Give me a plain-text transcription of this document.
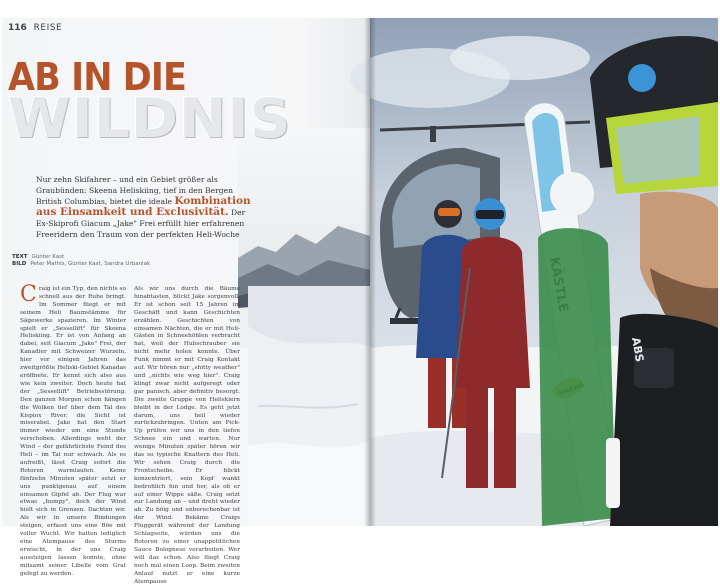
116 REISE
AB IN DIE
WILDNIS
Nur zehn Skifahrer – und ein Gebiet größer als Graubünden: Skeena Heliskiing, tief in den Bergen British Columbias, bietet die ideale Kombination aus Einsamkeit und Exclusivität. Der Ex-Skiprofi Giacum „Jake" Frei erfüllt hier erfahrenen Freeridern den Traum von der perfekten Heli-Woche
TEXT Günter Kast
BILD Peter Mathis, Günter Kast, Sandra Urbaniak
Craig ist ein Typ, den nichts so schnell aus der Ruhe bringt. Im Sommer fliegt er mit seinem Heli Baumstämme für Sägewerke spazieren. Im Winter spielt er „Sessellift" für Skeena Heliskiing. Er ist von Anfang an dabei, seit Giacum „Jake" Frei, der Kanadier mit Schweizer Wurzeln, hier vor einigen Jahren das zweitgrößte Heliski-Gebiet Kanadas eröffnete. Er kennt sich also aus wie kein zweiter. Doch heute hat der „Sessellift" Betriebsstörung. Den ganzen Morgen schon hängen die Wolken tief über dem Tal des Kispiox River, die Sicht ist miserabel. Jake hat den Start immer wieder um eine Stunde verschoben. Allerdings weht der Wind – der gefährlichste Feind des Heli – im Tal nur schwach. Als es aufreißt, lässt Craig sofort die Rotoren warmlaufen. Keine fünfzehn Minuten später setzt er uns punktgenau auf einem einsamen Gipfel ab. Der Flug war etwas „bumpy", doch der Wind hielt sich in Grenzen. Dachten wir. Als wir in unsere Bindungen steigen, erfasst uns eine Böe mit voller Wucht. Wir hatten lediglich eine Atempause des Sturms erwischt, in der uns Craig aussteigen lassen konnte, ohne mitsamt seiner Libelle vom Grat gefegt zu werden.
Als wir uns durch die Bäume hinabtasten, blickt Jake sorgenvoll. Er ist schon seit 15 Jahren im Geschäft und kann Geschichten erzählen. Geschichten von einsamen Nächten, die er mit Heli-Gästen in Schneehöhlen verbracht hat, weil der Hubschrauber sie nicht mehr holen konnte. Über Funk nimmt er mit Craig Kontakt auf. Wir hören nur „shitty weather" und „nichts wie weg hier". Craig klingt zwar nicht aufgeregt oder gar panisch, aber definitiv besorgt. Die zweite Gruppe von Heliskiern bleibt in der Lodge. Es geht jetzt darum, uns heil wieder zurückzubringen. Unten am Pick-Up prüfen wir uns in den tiefen Schnee ein und warten. Nur wenige Minuten später hören wir das so typische Knattern des Heli. Wir sehen Craig durch die Frontscheibe. Er blickt konzentriert, sein Kopf wankt bedrohlich hin und her, als ob er auf einer Wippe säße. Craig setzt zur Landung an – und dreht wieder ab. Zu böig und unberechenbar ist der Wind. Bekäme Craigs Fluggerät während der Landung Schlagseite, würden uns die Rotoren zu einer unappetitlichen Sauce Bolognese verarbeiten. Wer will das schon. Also fliegt Craig noch mal einen Loop. Beim zweiten Anlauf nutzt er eine kurze Atempause
ABS
